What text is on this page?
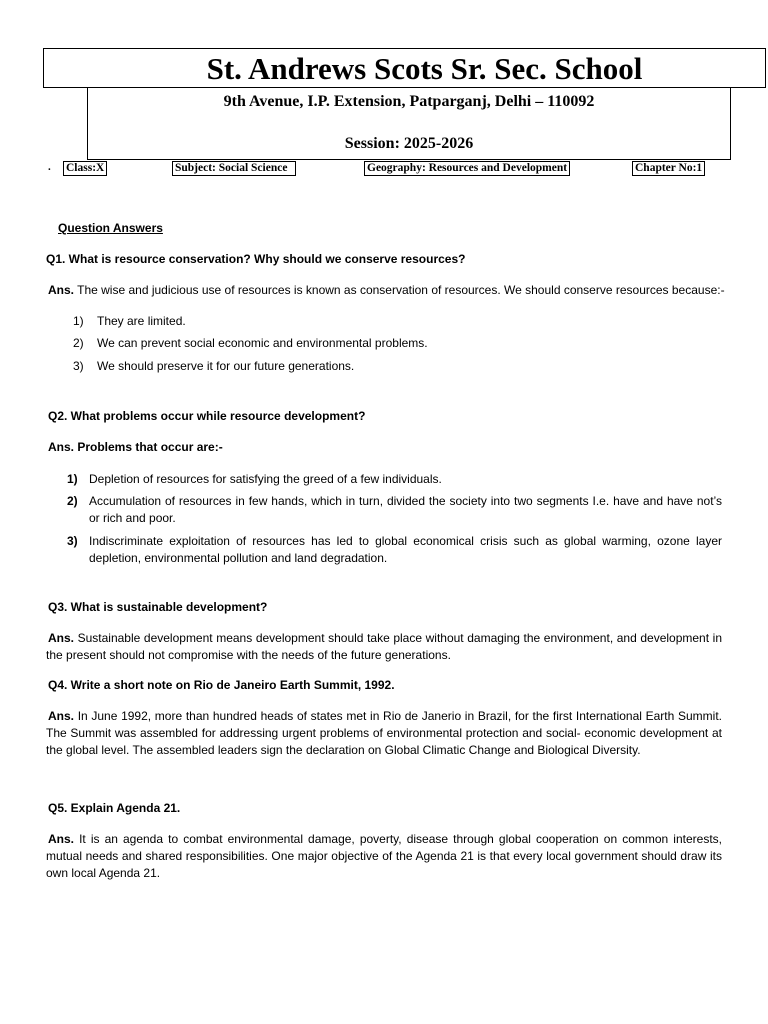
St. Andrews Scots Sr. Sec. School
9th Avenue, I.P. Extension, Patparganj, Delhi – 110092
Session: 2025-2026
. Class:X	Subject: Social Science	Geography: Resources and Development	Chapter No:1
Question Answers
Q1. What is resource conservation? Why should we conserve resources?
Ans. The wise and judicious use of resources is known as conservation of resources. We should conserve resources because:-
1) They are limited.
2) We can prevent social economic and environmental problems.
3) We should preserve it for our future generations.
Q2. What problems occur while resource development?
Ans. Problems that occur are:-
1) Depletion of resources for satisfying the greed of a few individuals.
2) Accumulation of resources in few hands, which in turn, divided the society into two segments I.e. have and have not’s or rich and poor.
3) Indiscriminate exploitation of resources has led to global economical crisis such as global warming, ozone layer depletion, environmental pollution and land degradation.
Q3. What is sustainable development?
Ans. Sustainable development means development should take place without damaging the environment, and development in the present should not compromise with the needs of the future generations.
Q4. Write a short note on Rio de Janeiro Earth Summit, 1992.
Ans. In June 1992, more than hundred heads of states met in Rio de Janerio in Brazil, for the first International Earth Summit. The Summit was assembled for addressing urgent problems of environmental protection and social- economic development at the global level. The assembled leaders sign the declaration on Global Climatic Change and Biological Diversity.
Q5. Explain Agenda 21.
Ans. It is an agenda to combat environmental damage, poverty, disease through global cooperation on common interests, mutual needs and shared responsibilities. One major objective of the Agenda 21 is that every local government should draw its own local Agenda 21.
